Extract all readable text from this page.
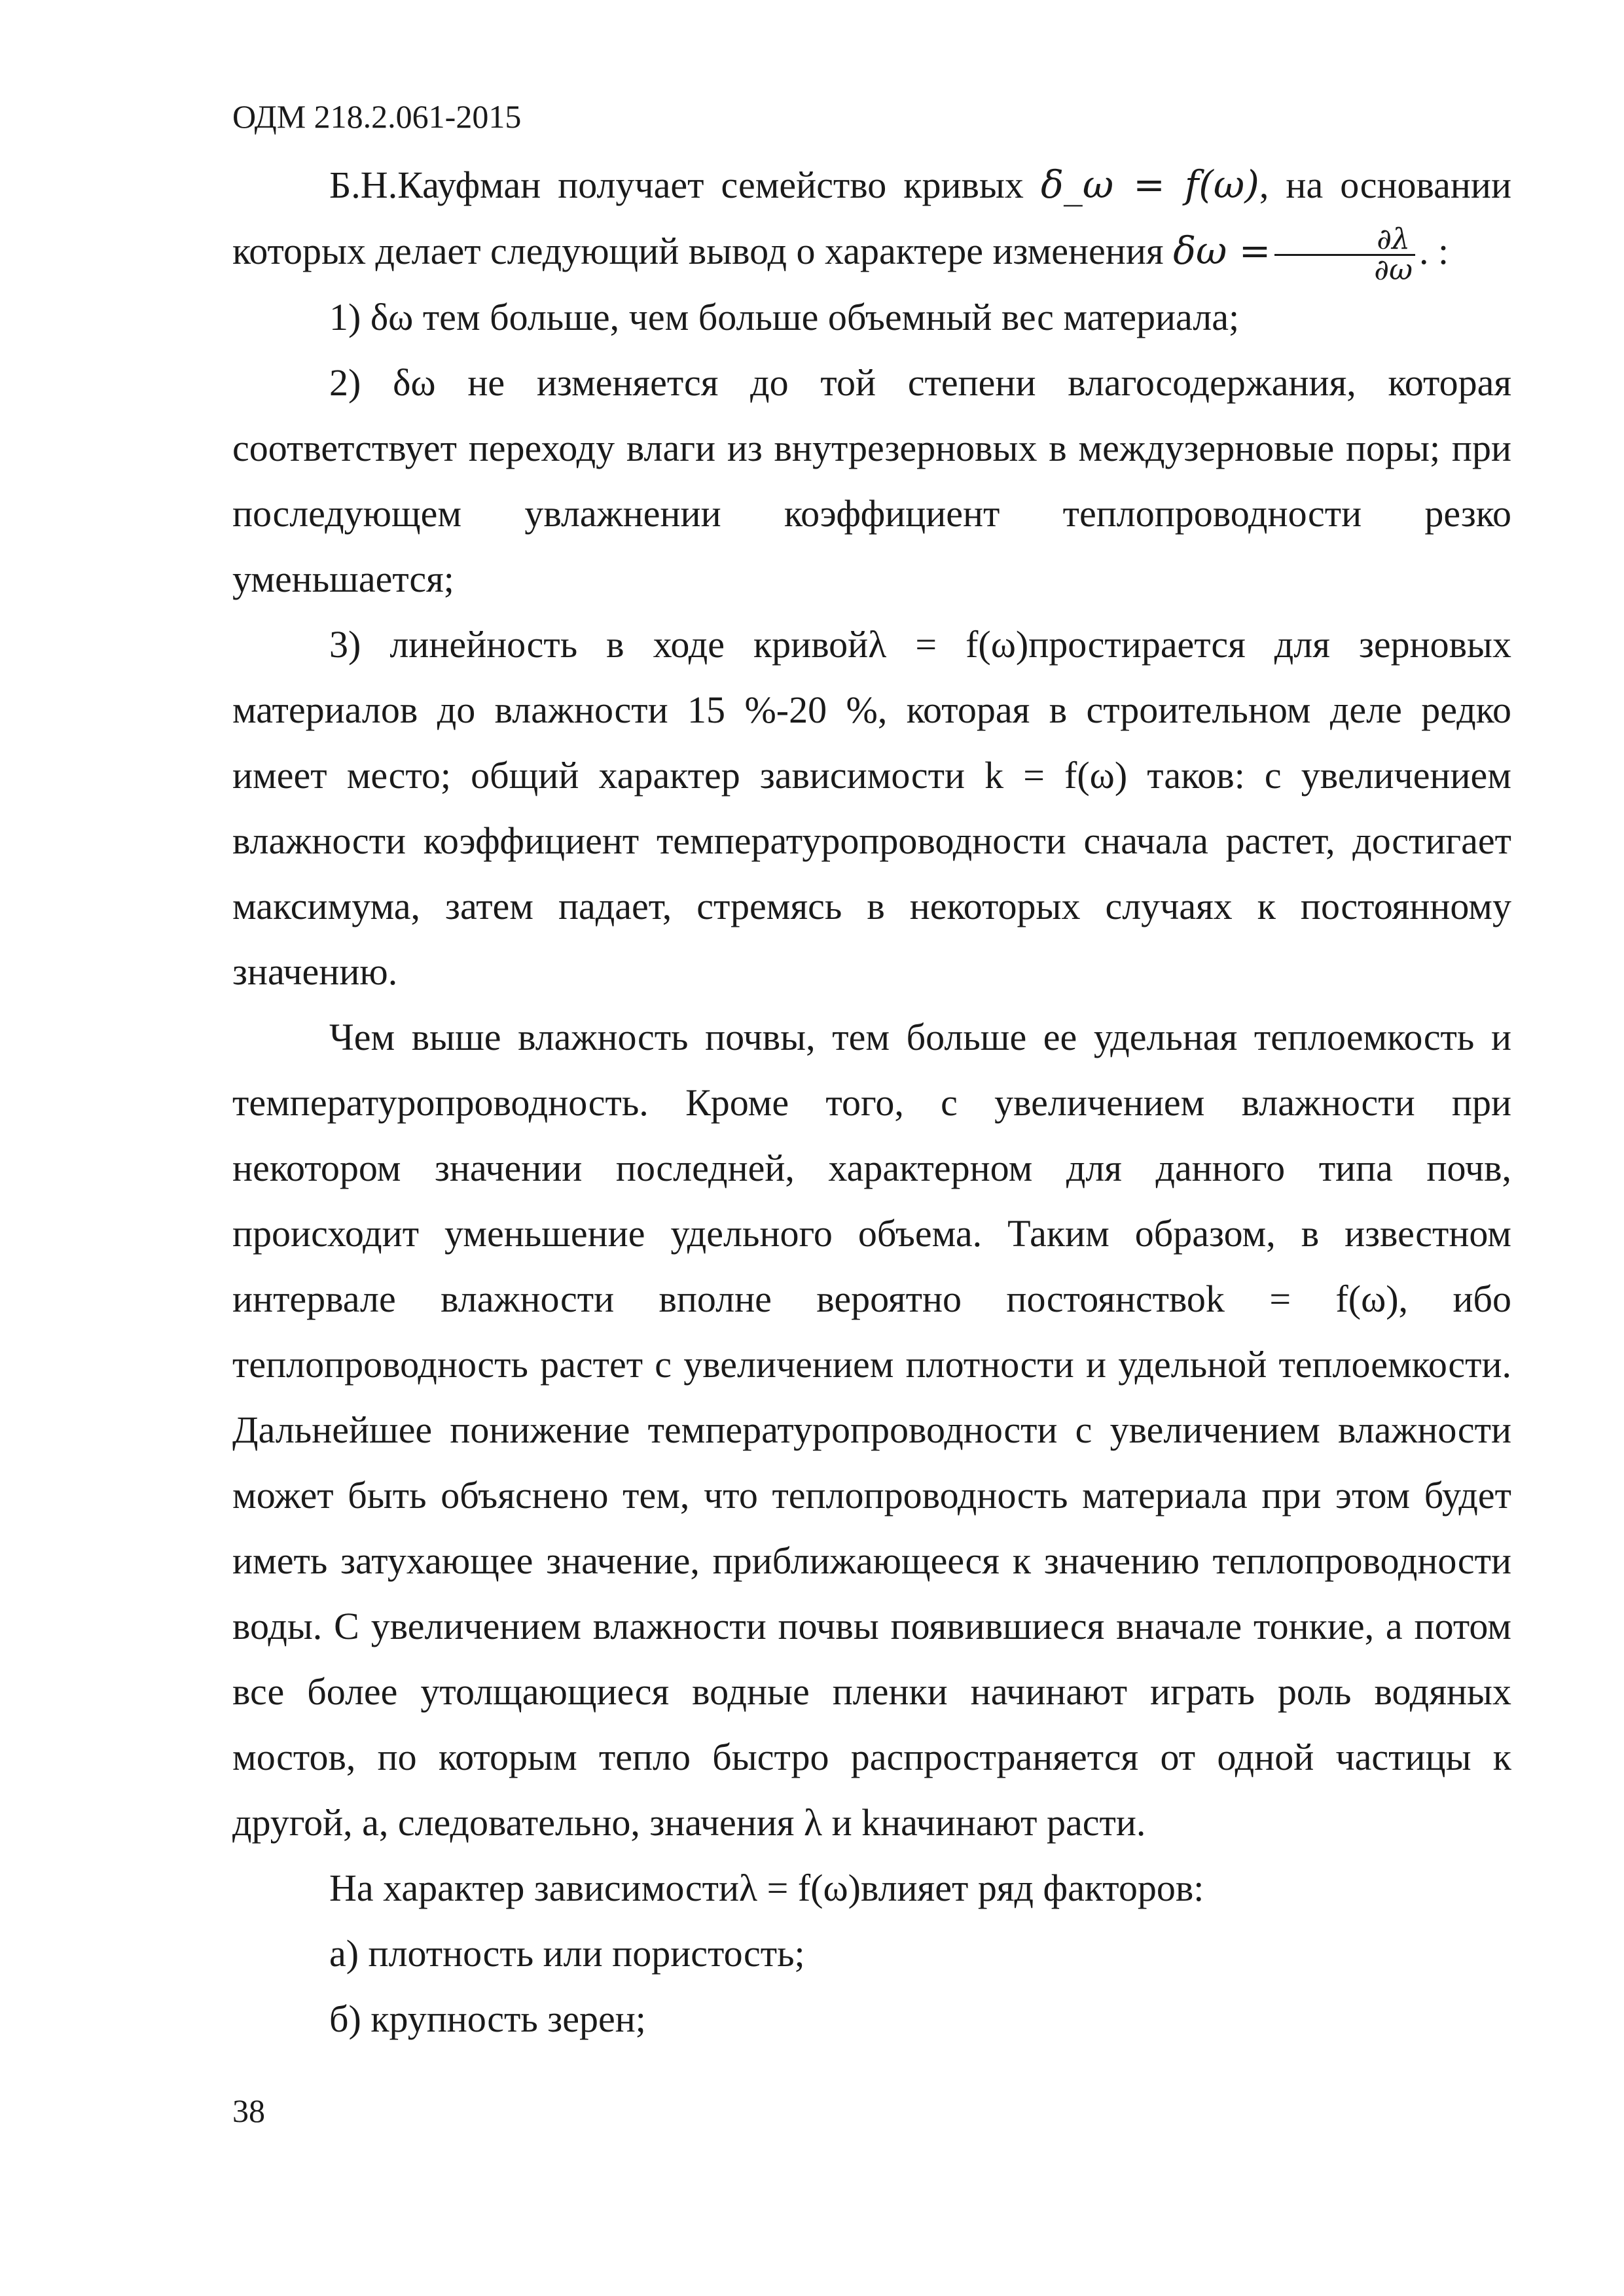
ОДМ 218.2.061-2015

Б.Н.Кауфман получает семейство кривых δ_ω = f(ω), на основании которых делает следующий вывод о характере изменения $\delta\omega = \frac{\partial\lambda}{\partial\omega}$ . :

1) δω тем больше, чем больше объемный вес материала;

2) δω не изменяется до той степени влагосодержания, которая соответствует переходу влаги из внутрезерновых в междузерновые поры; при последующем увлажнении коэффициент теплопроводности резко уменьшается;

3) линейность в ходе кривойλ = f(ω)простирается для зерновых материалов до влажности 15 %-20 %, которая в строительном деле редко имеет место; общий характер зависимости k = f(ω) таков: с увеличением влажности коэффициент температуропроводности сначала растет, достигает максимума, затем падает, стремясь в некоторых случаях к постоянному значению.

Чем выше влажность почвы, тем больше ее удельная теплоемкость и температуропроводность. Кроме того, с увеличением влажности при некотором значении последней, характерном для данного типа почв, происходит уменьшение удельного объема. Таким образом, в известном интервале влажности вполне вероятно постоянствоk = f(ω), ибо теплопроводность растет с увеличением плотности и удельной теплоемкости. Дальнейшее понижение температуропроводности с увеличением влажности может быть объяснено тем, что теплопроводность материала при этом будет иметь затухающее значение, приближающееся к значению теплопроводности воды. С увеличением влажности почвы появившиеся вначале тонкие, а потом все более утолщающиеся водные пленки начинают играть роль водяных мостов, по которым тепло быстро распространяется от одной частицы к другой, а, следовательно, значения λ и kначинают расти.

На характер зависимостиλ = f(ω)влияет ряд факторов:

а) плотность или пористость;

б) крупность зерен;

38
